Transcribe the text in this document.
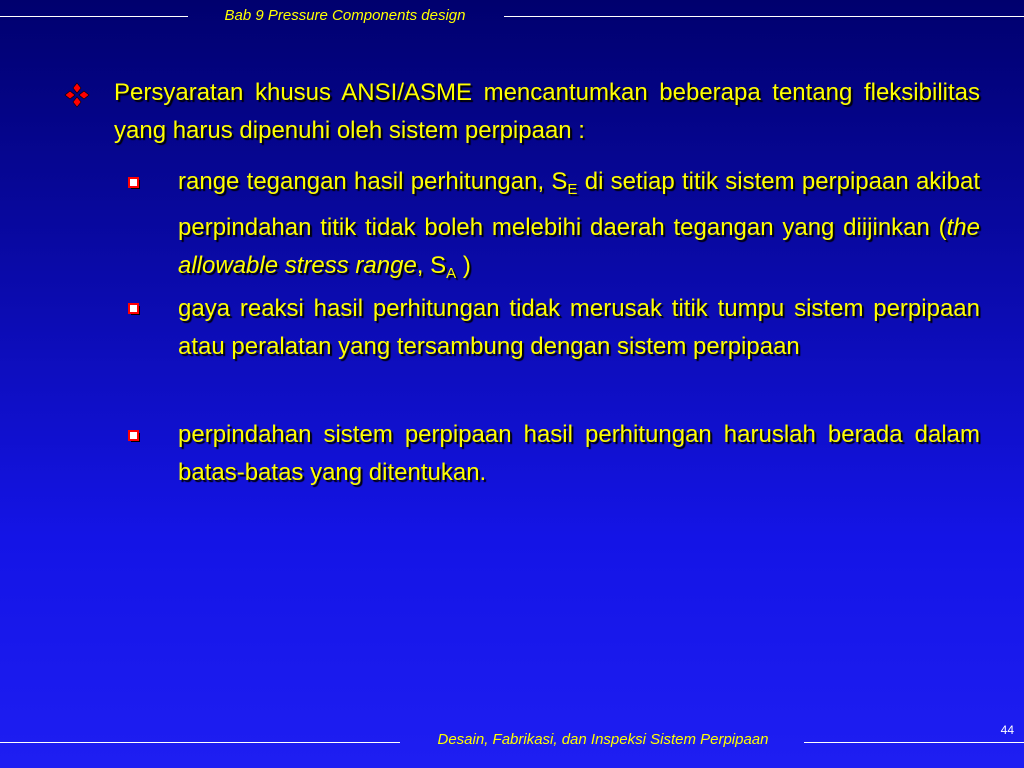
Bab 9 Pressure Components design
Persyaratan khusus ANSI/ASME mencantumkan beberapa tentang fleksibilitas yang harus dipenuhi oleh sistem perpipaan :
range tegangan hasil perhitungan, $S_E$ di setiap titik sistem perpipaan akibat perpindahan titik tidak boleh melebihi daerah tegangan yang diijinkan (the allowable stress range, $S_A$ )
gaya reaksi hasil perhitungan tidak merusak titik tumpu sistem perpipaan atau peralatan yang tersambung dengan sistem perpipaan
perpindahan sistem perpipaan hasil perhitungan haruslah berada dalam batas-batas yang ditentukan.
44
Desain, Fabrikasi, dan Inspeksi Sistem Perpipaan
